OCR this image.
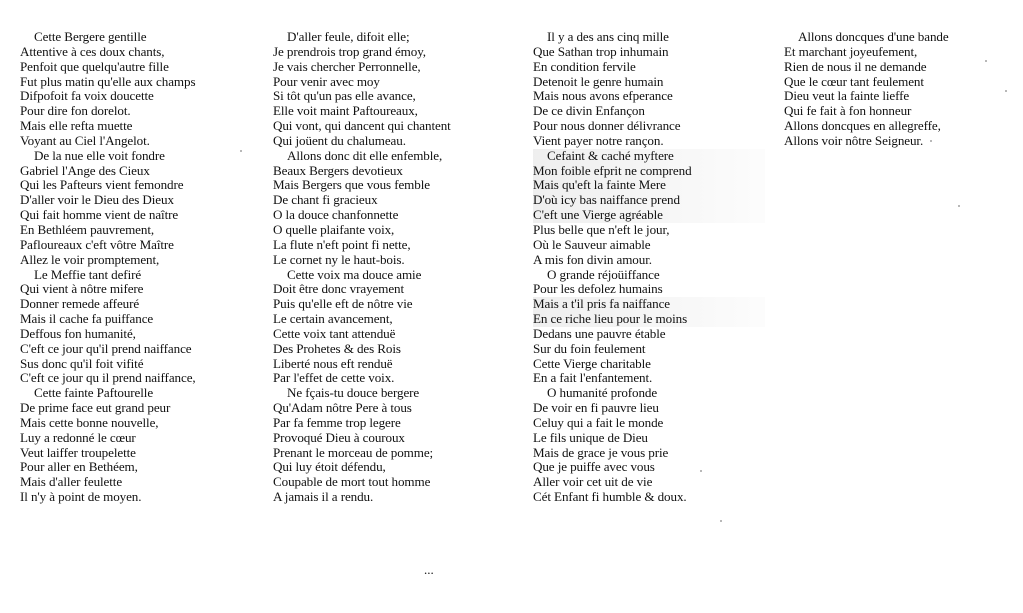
Cette Bergere gentille
Attentive à ces doux chants,
Penfoit que quelqu'autre fille
Fut plus matin qu'elle aux champs
Difpofoit fa voix doucette
Pour dire fon dorelot.
Mais elle refta muette
Voyant au Ciel l'Angelot.
De la nue elle voit fondre
Gabriel l'Ange des Cieux
Qui les Pafteurs vient femondre
D'aller voir le Dieu des Dieux
Qui fait homme vient de naître
En Bethléem pauvrement,
Pafloureaux c'eft vôtre Maître
Allez le voir promptement,
Le Meffie tant defiré
Qui vient à nôtre mifere
Donner remede affeuré
Mais il cache fa puiffance
Deffous fon humanité,
C'eft ce jour qu'il prend naiffance
Sus donc qu'il foit vifité
C'eft ce jour qu il prend naiffance,
Cette fainte Paftourelle
De prime face eut grand peur
Mais cette bonne nouvelle,
Luy a redonné le cœur
Veut laiffer troupelette
Pour aller en Bethéem,
Mais d'aller feulette
Il n'y à point de moyen.
D'aller feule, difoit elle;
Je prendrois trop grand émoy,
Je vais chercher Perronnelle,
Pour venir avec moy
Si tôt qu'un pas elle avance,
Elle voit maint Paftoureaux,
Qui vont, qui dancent qui chantent
Qui joüent du chalumeau.
Allons donc dit elle enfemble,
Beaux Bergers devotieux
Mais Bergers que vous femble
De chant fi gracieux
O la douce chanfonnette
O quelle plaifante voix,
La flute n'eft point fi nette,
Le cornet ny le haut-bois.
Cette voix ma douce amie
Doit être donc vrayement
Puis qu'elle eft de nôtre vie
Le certain avancement,
Cette voix tant attenduë
Des Prohetes & des Rois
Liberté nous eft renduë
Par l'effet de cette voix.
Ne fçais-tu douce bergere
Qu'Adam nôtre Pere à tous
Par fa femme trop legere
Provoqué Dieu à couroux
Prenant le morceau de pomme;
Qui luy étoit défendu,
Coupable de mort tout homme
A jamais il a rendu.
Il y a des ans cinq mille
Que Sathan trop inhumain
En condition fervile
Detenoit le genre humain
Mais nous avons efperance
De ce divin Enfançon
Pour nous donner délivrance
Vient payer notre rançon.
Cefaint & caché myftere
Mon foible efprit ne comprend
Mais qu'eft la fainte Mere
D'où icy bas naiffance prend
C'eft une Vierge agréable
Plus belle que n'eft le jour,
Où le Sauveur aimable
A mis fon divin amour.
O grande réjoüiffance
Pour les defolez humains
Mais a t'il pris fa naiffance
En ce riche lieu pour le moins
Dedans une pauvre étable
Sur du foin feulement
Cette Vierge charitable
En a fait l'enfantement.
O humanité profonde
De voir en fi pauvre lieu
Celuy qui a fait le monde
Le fils unique de Dieu
Mais de grace je vous prie
Que je puiffe avec vous
Aller voir cet uit de vie
Cét Enfant fi humble & doux.
Allons doncques d'une bande
Et marchant joyeufement,
Rien de nous il ne demande
Que le cœur tant feulement
Dieu veut la fainte lieffe
Qui fe fait à fon honneur
Allons doncques en allegreffe,
Allons voir nôtre Seigneur.
...
